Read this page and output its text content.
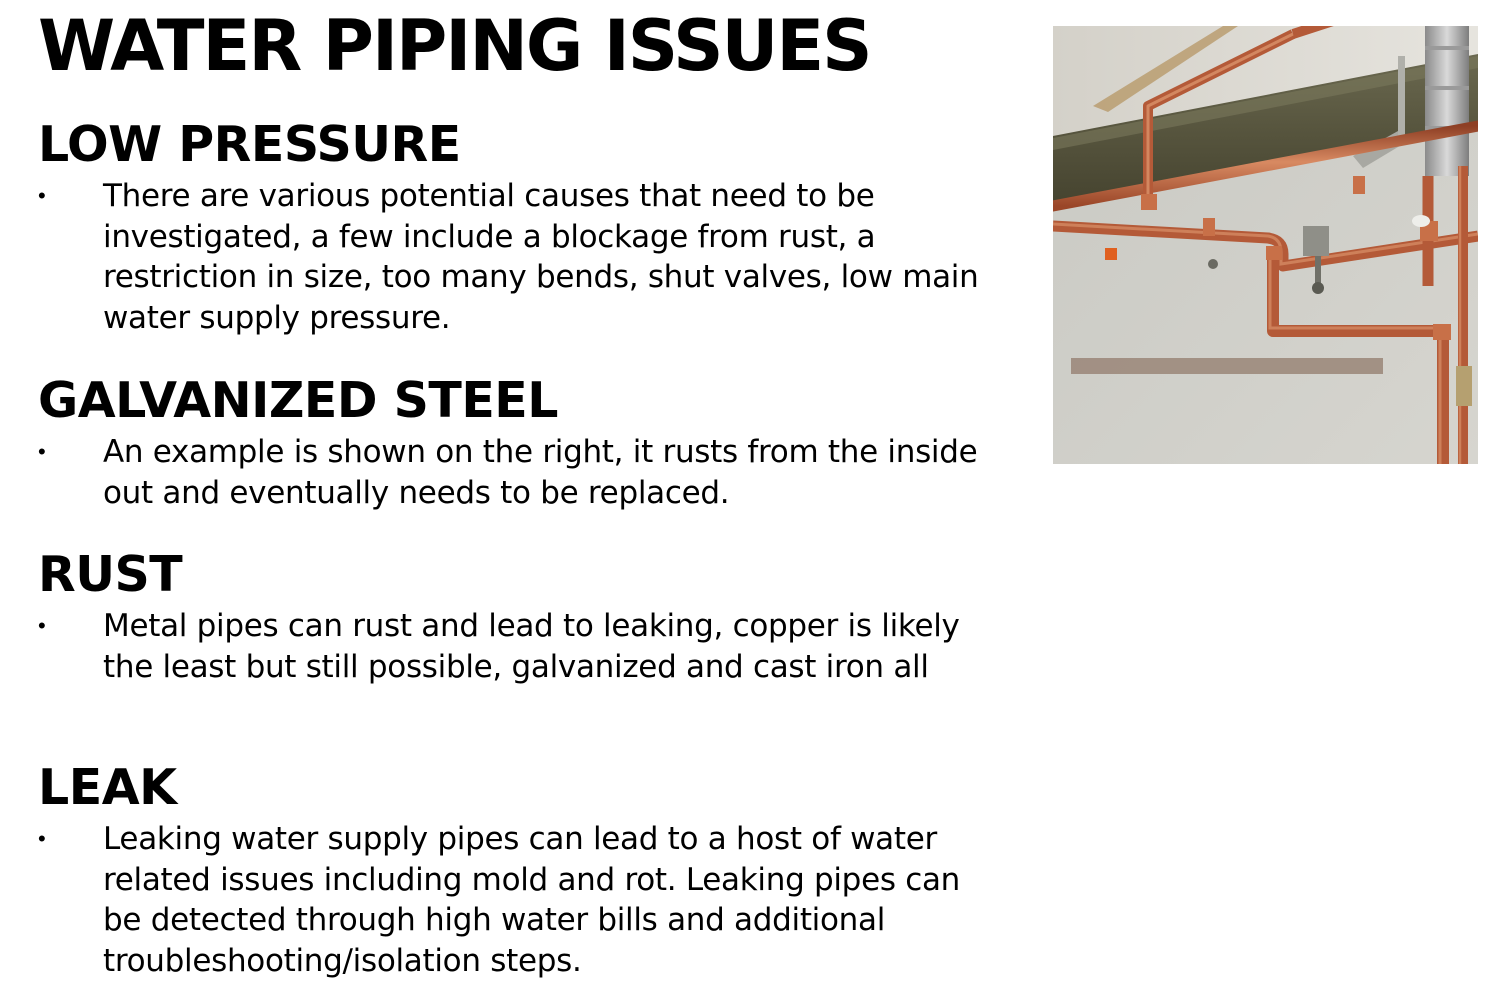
WATER PIPING ISSUES
LOW PRESSURE
• There are various potential causes that need to be investigated, a few include a blockage from rust, a restriction in size, too many bends, shut valves, low main water supply pressure.

GALVANIZED STEEL
• An example is shown on the right, it rusts from the inside out and eventually needs to be replaced.

RUST
• Metal pipes can rust and lead to leaking, copper is likely the least but still possible, galvanized and cast iron all

LEAK
• Leaking water supply pipes can lead to a host of water related issues including mold and rot. Leaking pipes can be detected through high water bills and additional troubleshooting/isolation steps.
